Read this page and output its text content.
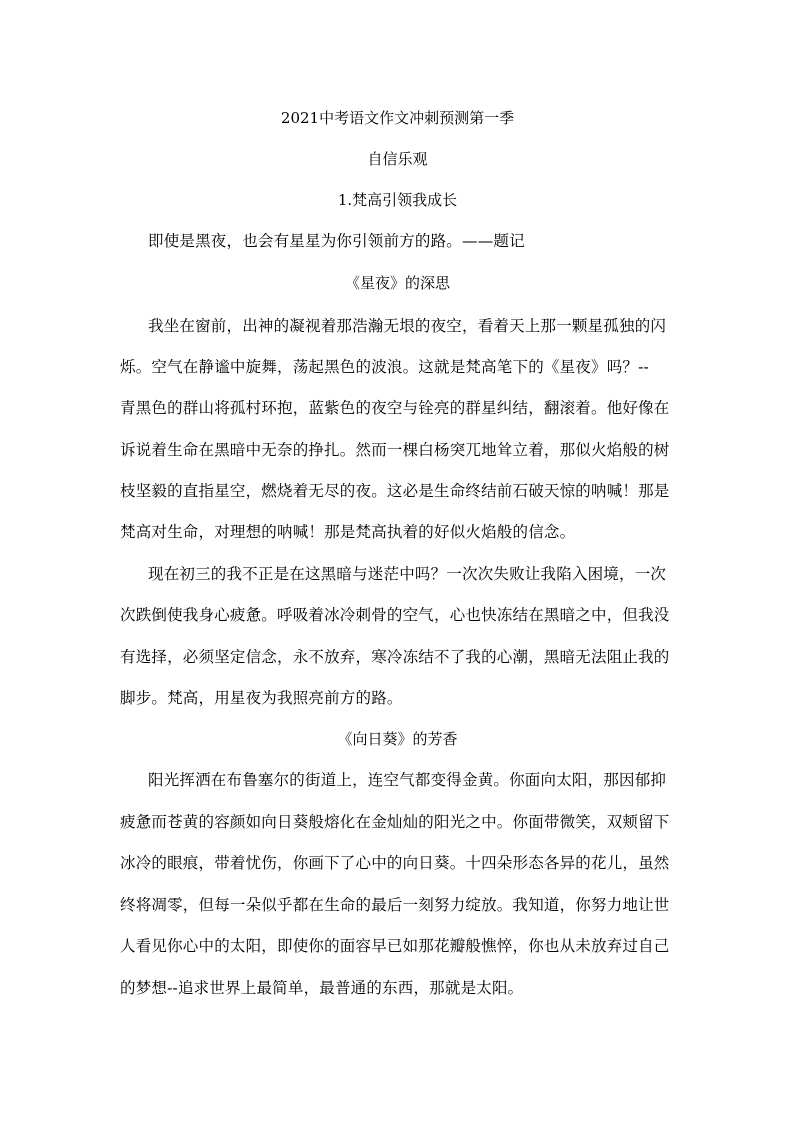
2021中考语文作文冲刺预测第一季
自信乐观
1.梵高引领我成长
即使是黑夜，也会有星星为你引领前方的路。——题记
《星夜》的深思
我坐在窗前，出神的凝视着那浩瀚无垠的夜空，看着天上那一颗星孤独的闪
烁。空气在静谧中旋舞，荡起黑色的波浪。这就是梵高笔下的《星夜》吗？--
青黑色的群山将孤村环抱，蓝紫色的夜空与铨亮的群星纠结，翻滚着。他好像在
诉说着生命在黑暗中无奈的挣扎。然而一棵白杨突兀地耸立着，那似火焰般的树
枝坚毅的直指星空，燃烧着无尽的夜。这必是生命终结前石破天惊的呐喊！那是
梵高对生命，对理想的呐喊！那是梵高执着的好似火焰般的信念。
现在初三的我不正是在这黑暗与迷茫中吗？一次次失败让我陷入困境，一次
次跌倒使我身心疲惫。呼吸着冰冷刺骨的空气，心也快冻结在黑暗之中，但我没
有选择，必须坚定信念，永不放弃，寒冷冻结不了我的心潮，黑暗无法阻止我的
脚步。梵高，用星夜为我照亮前方的路。
《向日葵》的芳香
阳光挥洒在布鲁塞尔的街道上，连空气都变得金黄。你面向太阳，那因郁抑
疲惫而苍黄的容颜如向日葵般熔化在金灿灿的阳光之中。你面带微笑，双颊留下
冰冷的眼痕，带着忧伤，你画下了心中的向日葵。十四朵形态各异的花儿，虽然
终将凋零，但每一朵似乎都在生命的最后一刻努力绽放。我知道，你努力地让世
人看见你心中的太阳，即使你的面容早已如那花瓣般憔悴，你也从未放弃过自己
的梦想--追求世界上最简单，最普通的东西，那就是太阳。
